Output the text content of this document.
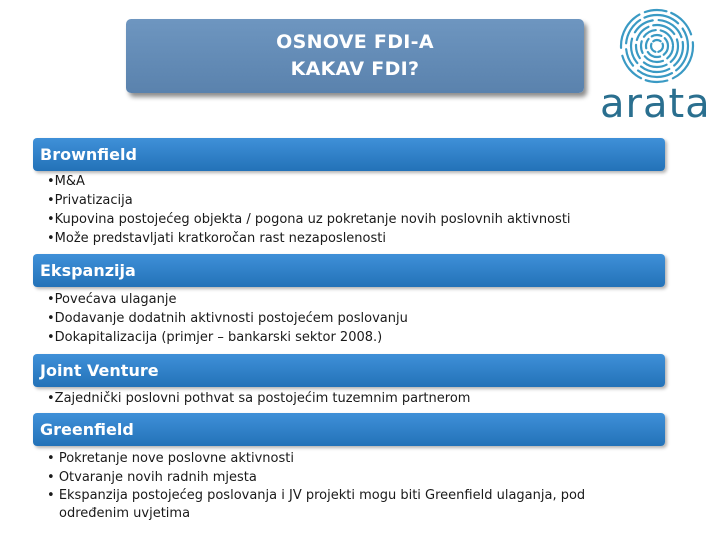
OSNOVE FDI-A
KAKAV FDI?
arata
Brownfield
•M&A
•Privatizacija
•Kupovina postojećeg objekta / pogona uz pokretanje novih poslovnih aktivnosti
•Može predstavljati kratkoročan rast nezaposlenosti
Ekspanzija
•Povećava ulaganje
•Dodavanje dodatnih aktivnosti postojećem poslovanju
•Dokapitalizacija (primjer – bankarski sektor 2008.)
Joint Venture
•Zajednički poslovni pothvat sa postojećim tuzemnim partnerom
Greenfield
• Pokretanje nove poslovne aktivnosti
• Otvaranje novih radnih mjesta
• Ekspanzija postojećeg poslovanja i JV projekti mogu biti Greenfield ulaganja, pod određenim uvjetima
